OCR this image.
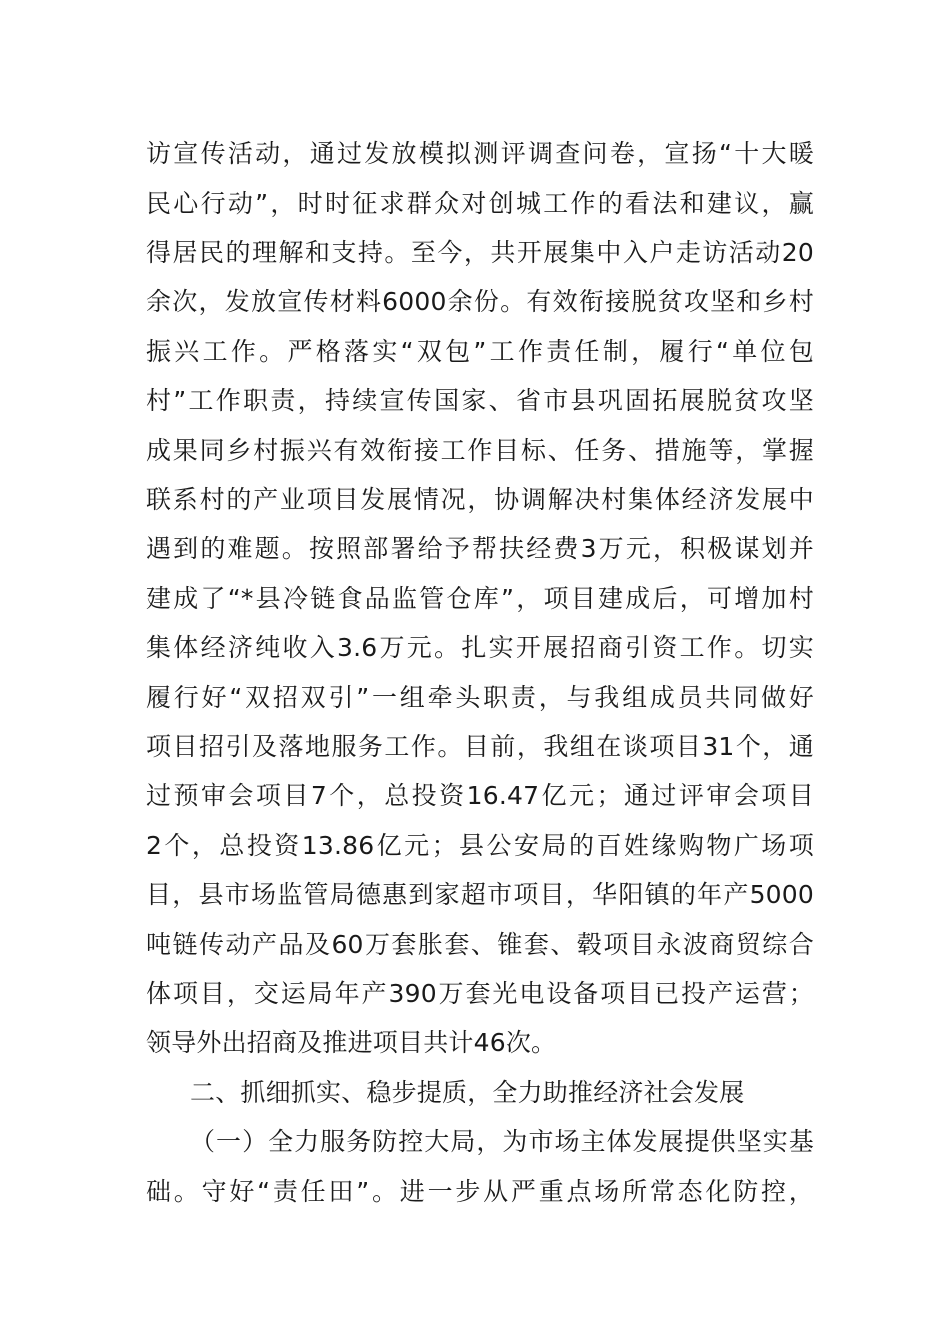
访宣传活动，通过发放模拟测评调查问卷，宣扬“十大暖
民心行动”，时时征求群众对创城工作的看法和建议，赢
得居民的理解和支持。至今，共开展集中入户走访活动20
余次，发放宣传材料6000余份。有效衔接脱贫攻坚和乡村
振兴工作。严格落实“双包”工作责任制，履行“单位包
村”工作职责，持续宣传国家、省市县巩固拓展脱贫攻坚
成果同乡村振兴有效衔接工作目标、任务、措施等，掌握
联系村的产业项目发展情况，协调解决村集体经济发展中
遇到的难题。按照部署给予帮扶经费3万元，积极谋划并
建成了“*县冷链食品监管仓库”，项目建成后，可增加村
集体经济纯收入3.6万元。扎实开展招商引资工作。切实
履行好“双招双引”一组牵头职责，与我组成员共同做好
项目招引及落地服务工作。目前，我组在谈项目31个，通
过预审会项目7个，总投资16.47亿元；通过评审会项目
2个，总投资13.86亿元；县公安局的百姓缘购物广场项
目，县市场监管局德惠到家超市项目，华阳镇的年产5000
吨链传动产品及60万套胀套、锥套、毂项目永波商贸综合
体项目，交运局年产390万套光电设备项目已投产运营；
领导外出招商及推进项目共计46次。
二、抓细抓实、稳步提质，全力助推经济社会发展
（一）全力服务防控大局，为市场主体发展提供坚实基
础。守好“责任田”。进一步从严重点场所常态化防控，
